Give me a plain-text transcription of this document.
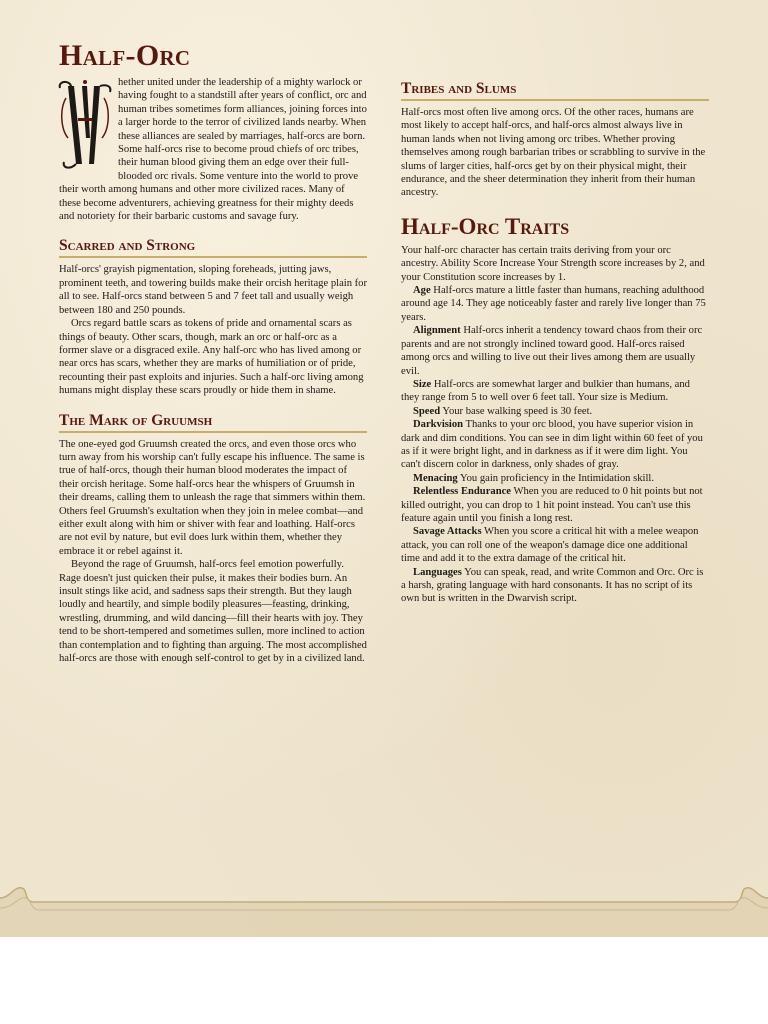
Half-Orc

hether united under the leadership of a mighty warlock or having fought to a standstill after years of conflict, orc and human tribes sometimes form alliances, joining forces into a larger horde to the terror of civilized lands nearby. When these alliances are sealed by marriages, half-orcs are born. Some half-orcs rise to become proud chiefs of orc tribes, their human blood giving them an edge over their full-blooded orc rivals. Some venture into the world to prove their worth among humans and other more civilized races. Many of these become adventurers, achieving greatness for their mighty deeds and notoriety for their barbaric customs and savage fury.

Scarred and Strong

Half-orcs' grayish pigmentation, sloping foreheads, jutting jaws, prominent teeth, and towering builds make their orcish heritage plain for all to see. Half-orcs stand between 5 and 7 feet tall and usually weigh between 180 and 250 pounds.

Orcs regard battle scars as tokens of pride and ornamental scars as things of beauty. Other scars, though, mark an orc or half-orc as a former slave or a disgraced exile. Any half-orc who has lived among or near orcs has scars, whether they are marks of humiliation or of pride, recounting their past exploits and injuries. Such a half-orc living among humans might display these scars proudly or hide them in shame.

The Mark of Gruumsh

The one-eyed god Gruumsh created the orcs, and even those orcs who turn away from his worship can't fully escape his influence. The same is true of half-orcs, though their human blood moderates the impact of their orcish heritage. Some half-orcs hear the whispers of Gruumsh in their dreams, calling them to unleash the rage that simmers within them. Others feel Gruumsh's exultation when they join in melee combat—and either exult along with him or shiver with fear and loathing. Half-orcs are not evil by nature, but evil does lurk within them, whether they embrace it or rebel against it.

Beyond the rage of Gruumsh, half-orcs feel emotion powerfully. Rage doesn't just quicken their pulse, it makes their bodies burn. An insult stings like acid, and sadness saps their strength. But they laugh loudly and heartily, and simple bodily pleasures—feasting, drinking, wrestling, drumming, and wild dancing—fill their hearts with joy. They tend to be short-tempered and sometimes sullen, more inclined to action than contemplation and to fighting than arguing. The most accomplished half-orcs are those with enough self-control to get by in a civilized land.

Tribes and Slums

Half-orcs most often live among orcs. Of the other races, humans are most likely to accept half-orcs, and half-orcs almost always live in human lands when not living among orc tribes. Whether proving themselves among rough barbarian tribes or scrabbling to survive in the slums of larger cities, half-orcs get by on their physical might, their endurance, and the sheer determination they inherit from their human ancestry.

Half-Orc Traits

Your half-orc character has certain traits deriving from your orc ancestry. Ability Score Increase Your Strength score increases by 2, and your Constitution score increases by 1.

Age Half-orcs mature a little faster than humans, reaching adulthood around age 14. They age noticeably faster and rarely live longer than 75 years.

Alignment Half-orcs inherit a tendency toward chaos from their orc parents and are not strongly inclined toward good. Half-orcs raised among orcs and willing to live out their lives among them are usually evil.

Size Half-orcs are somewhat larger and bulkier than humans, and they range from 5 to well over 6 feet tall. Your size is Medium.

Speed Your base walking speed is 30 feet.

Darkvision Thanks to your orc blood, you have superior vision in dark and dim conditions. You can see in dim light within 60 feet of you as if it were bright light, and in darkness as if it were dim light. You can't discern color in darkness, only shades of gray.

Menacing You gain proficiency in the Intimidation skill.

Relentless Endurance When you are reduced to 0 hit points but not killed outright, you can drop to 1 hit point instead. You can't use this feature again until you finish a long rest.

Savage Attacks When you score a critical hit with a melee weapon attack, you can roll one of the weapon's damage dice one additional time and add it to the extra damage of the critical hit.

Languages You can speak, read, and write Common and Orc. Orc is a harsh, grating language with hard consonants. It has no script of its own but is written in the Dwarvish script.
